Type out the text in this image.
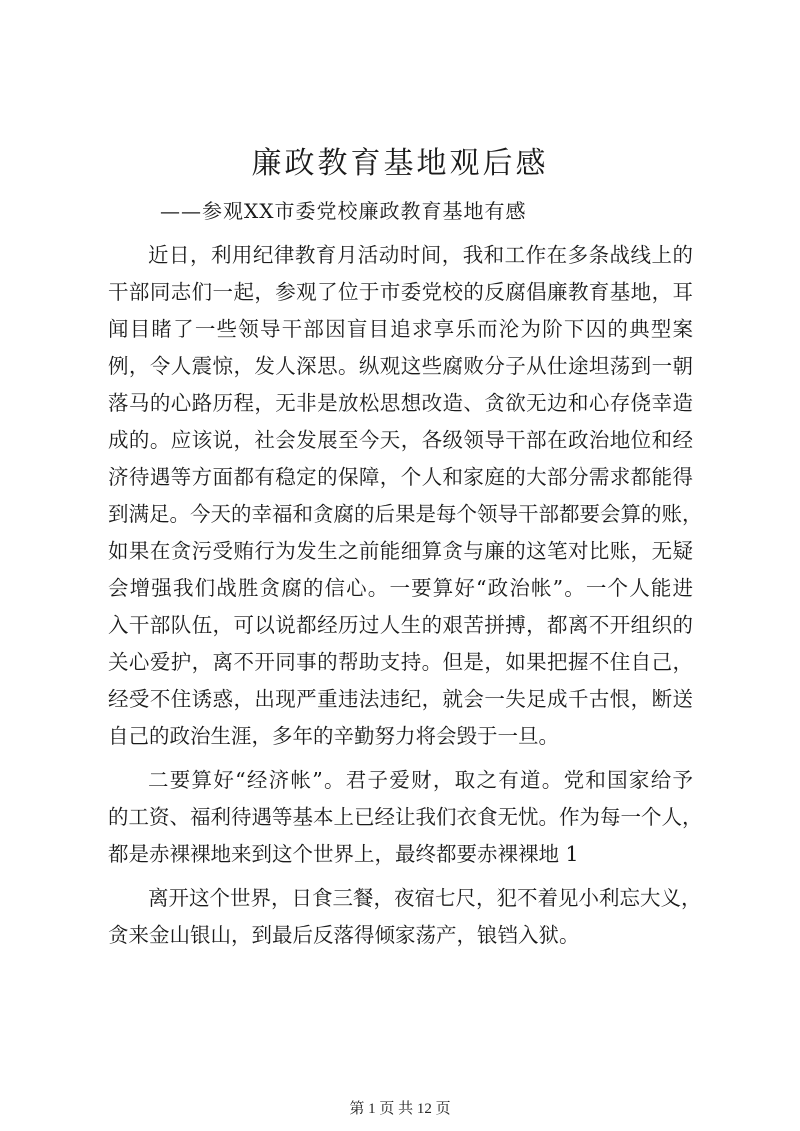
廉政教育基地观后感
——参观XX市委党校廉政教育基地有感
近日，利用纪律教育月活动时间，我和工作在多条战线上的
干部同志们一起，参观了位于市委党校的反腐倡廉教育基地，耳
闻目睹了一些领导干部因盲目追求享乐而沦为阶下囚的典型案
例，令人震惊，发人深思。纵观这些腐败分子从仕途坦荡到一朝
落马的心路历程，无非是放松思想改造、贪欲无边和心存侥幸造
成的。应该说，社会发展至今天，各级领导干部在政治地位和经
济待遇等方面都有稳定的保障，个人和家庭的大部分需求都能得
到满足。今天的幸福和贪腐的后果是每个领导干部都要会算的账，
如果在贪污受贿行为发生之前能细算贪与廉的这笔对比账，无疑
会增强我们战胜贪腐的信心。一要算好“政治帐”。一个人能进
入干部队伍，可以说都经历过人生的艰苦拼搏，都离不开组织的
关心爱护，离不开同事的帮助支持。但是，如果把握不住自己，
经受不住诱惑，出现严重违法违纪，就会一失足成千古恨，断送
自己的政治生涯，多年的辛勤努力将会毁于一旦。
二要算好“经济帐”。君子爱财，取之有道。党和国家给予
的工资、福利待遇等基本上已经让我们衣食无忧。作为每一个人，
都是赤裸裸地来到这个世界上，最终都要赤裸裸地 1
离开这个世界，日食三餐，夜宿七尺，犯不着见小利忘大义，
贪来金山银山，到最后反落得倾家荡产，锒铛入狱。
第 1 页 共 12 页
